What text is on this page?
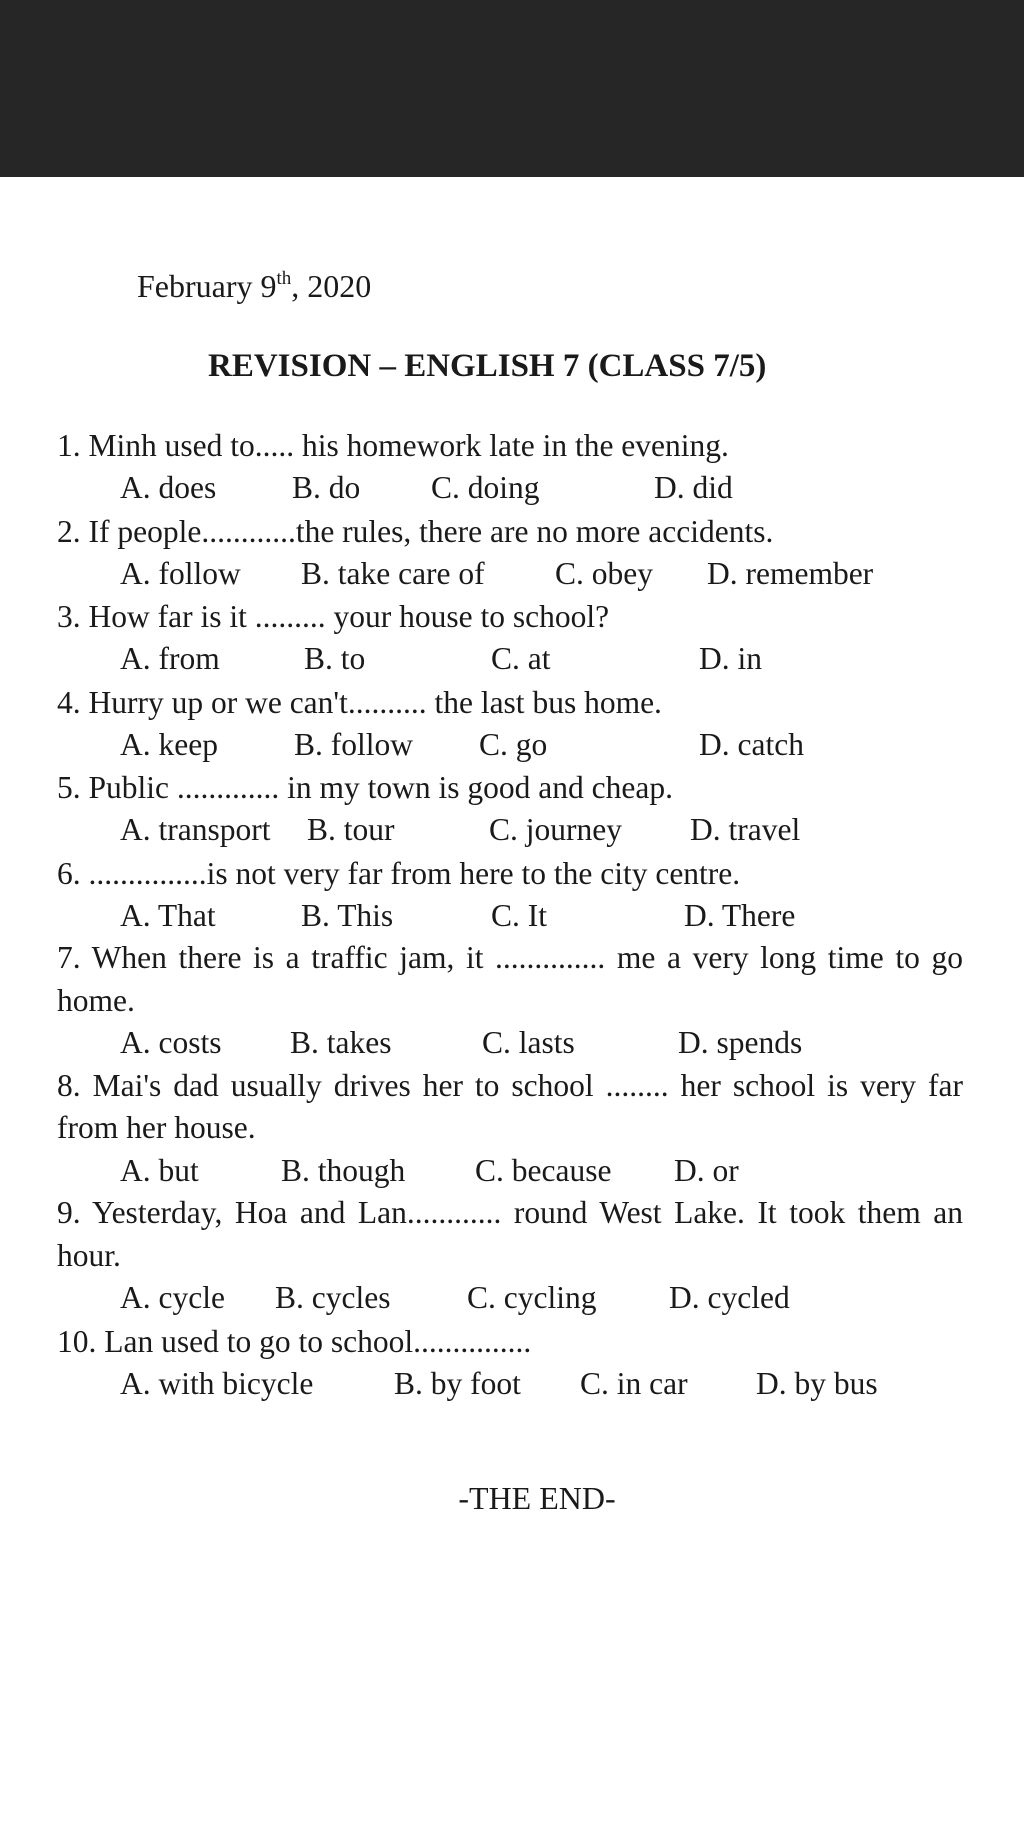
February 9th, 2020
REVISION – ENGLISH 7 (CLASS 7/5)
1. Minh used to..... his homework late in the evening.
A. does B. do C. doing	D. did
2. If people............the rules, there are no more accidents.
A. follow B. take care of C. obey D. remember
3. How far is it ......... your house to school?
A. from	B. to	C. at	D. in
4. Hurry up or we can't.......... the last bus home.
A. keep B. follow C. go	D. catch
5. Public ............. in my town is good and cheap.
A. transport B. tour	C. journey D. travel
6. ...............is not very far from here to the city centre.
A. That	B. This	C. It	D. There
7. When there is a traffic jam, it .............. me a very long time to go home.
A. costs B. takes	C. lasts	D. spends
8. Mai's dad usually drives her to school ........ her school is very far from her house.
A. but	B. though C. because D. or
9. Yesterday, Hoa and Lan............ round West Lake. It took them an hour.
A. cycle B. cycles C. cycling D. cycled
10. Lan used to go to school...............
A. with bicycle	B. by foot C. in car D. by bus
-THE END-
